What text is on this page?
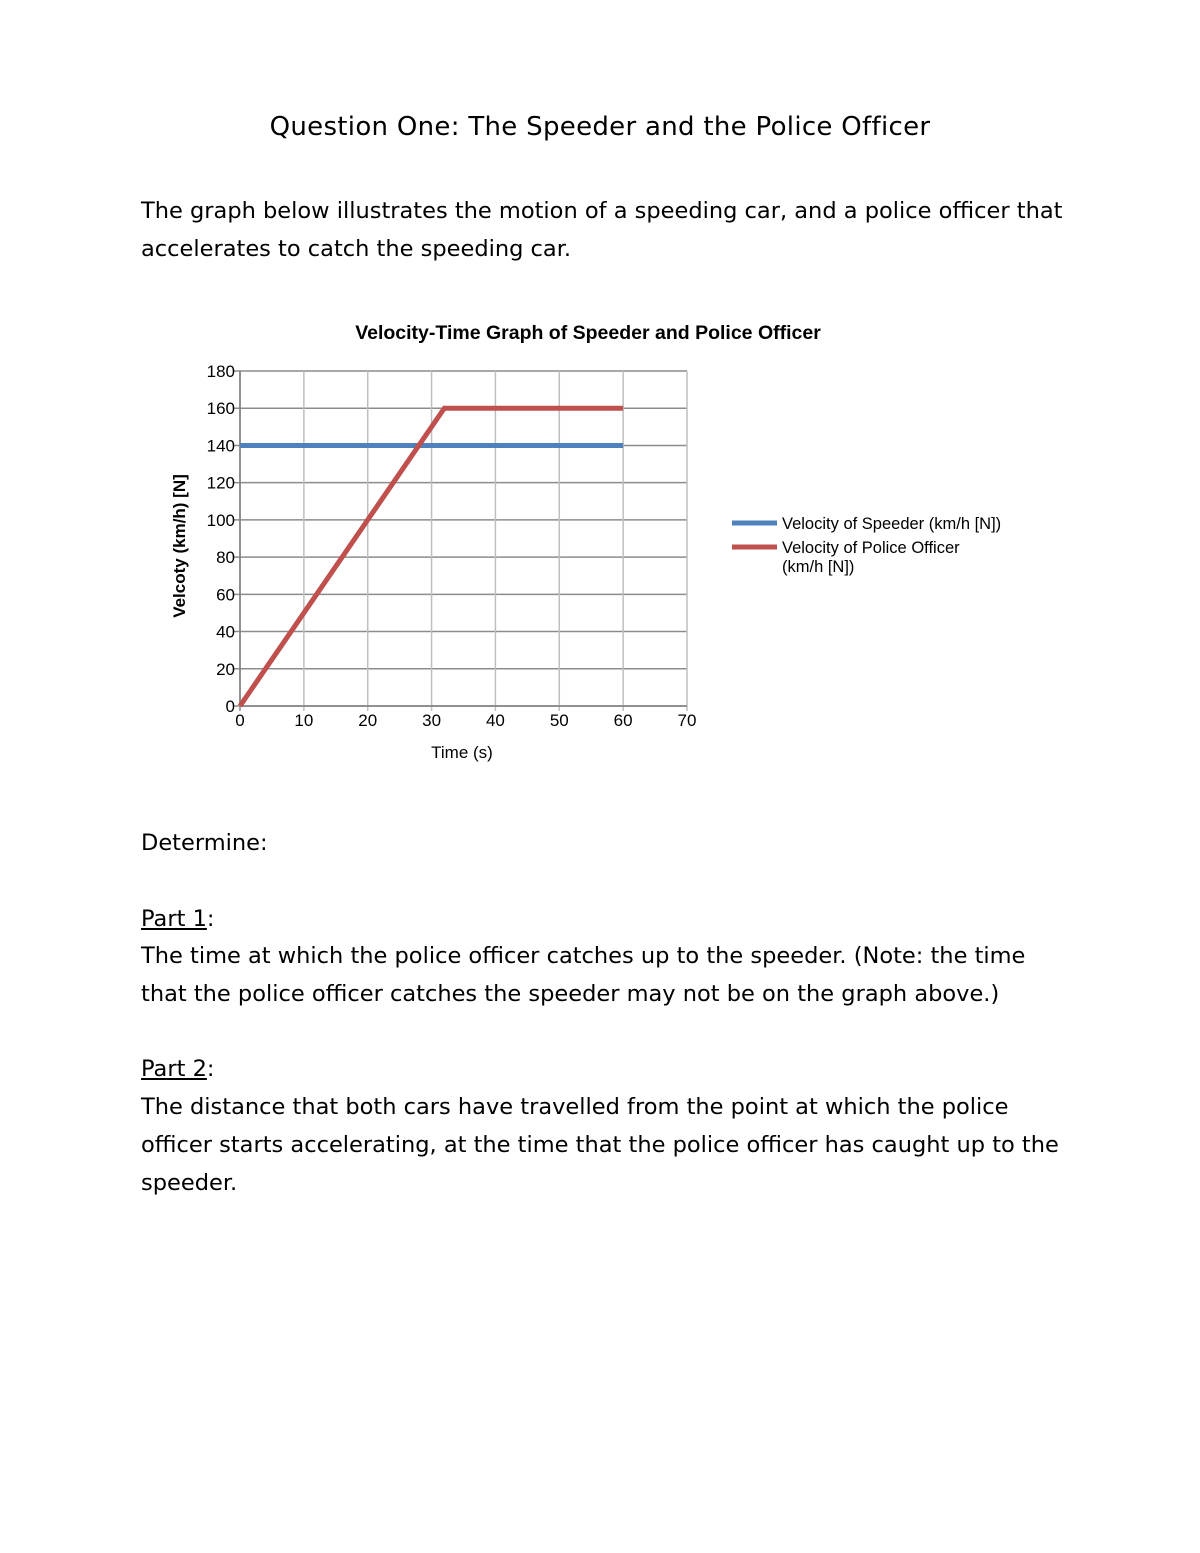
Question One: The Speeder and the Police Officer
The graph below illustrates the motion of a speeding car, and a police officer that accelerates to catch the speeding car.
Velocity-Time Graph of Speeder and Police Officer
0
20
40
60
80
100
120
140
160
180
0	10	20	30	40	50	60	70
Time (s)
Velcoty (km/h) [N]	Velocity of Speeder (km/h [N])
Velocity of Police Officer (km/h [N])
Determine:
Part 1:
The time at which the police officer catches up to the speeder. (Note: the time that the police officer catches the speeder may not be on the graph above.)
Part 2:
The distance that both cars have travelled from the point at which the police officer starts accelerating, at the time that the police officer has caught up to the speeder.
